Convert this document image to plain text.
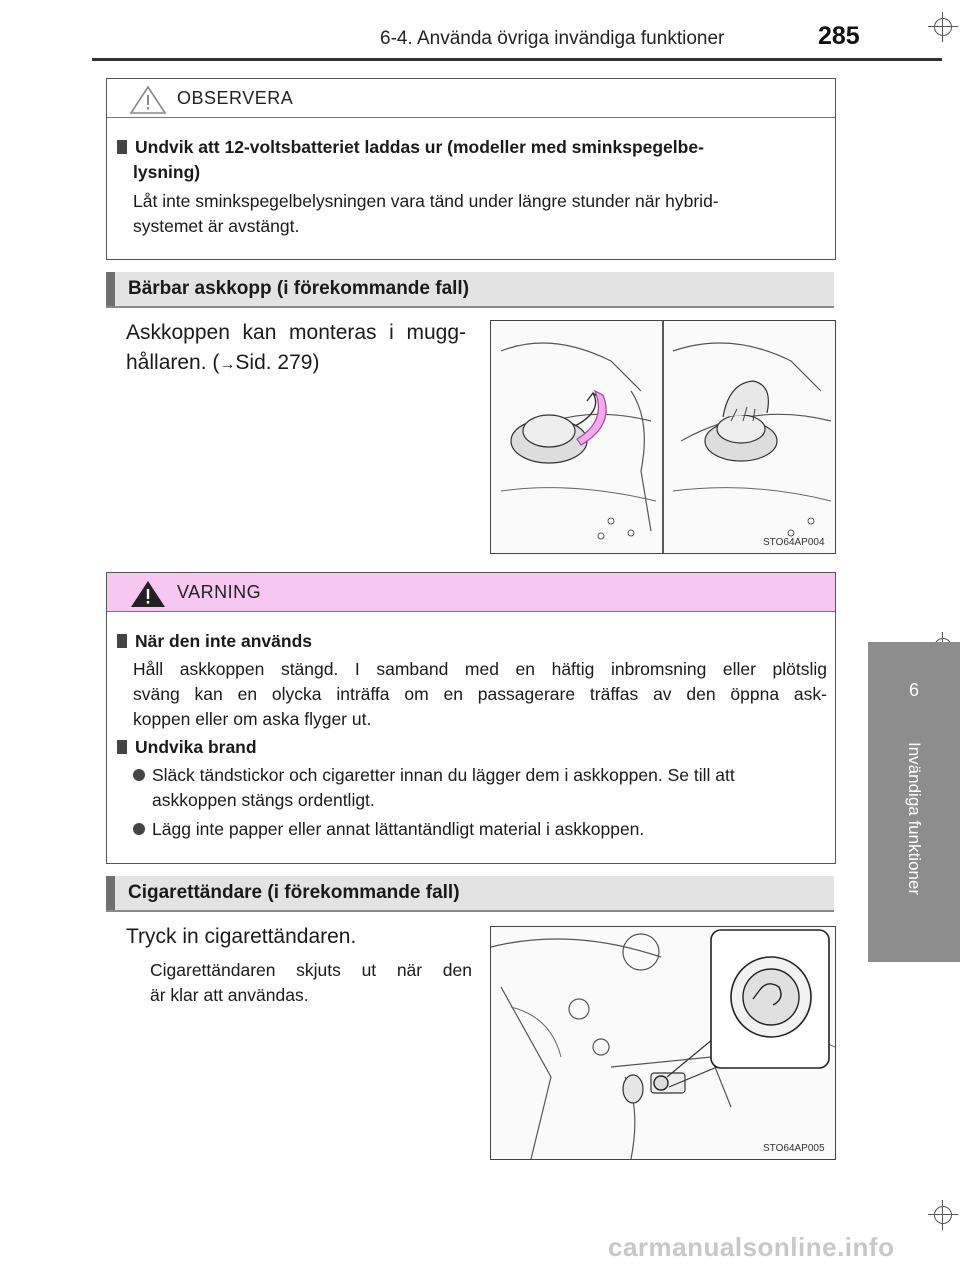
6-4. Använda övriga invändiga funktioner	285
6
Invändiga funktioner
OBSERVERA
Undvik att 12-voltsbatteriet laddas ur (modeller med sminkspegelbe-
lysning)
Låt inte sminkspegelbelysningen vara tänd under längre stunder när hybrid-
systemet är avstängt.
Bärbar askkopp (i förekommande fall)
Askkoppen kan monteras i mugg-
hållaren. (→Sid. 279)
STO64AP004
VARNING
När den inte används
Håll askkoppen stängd. I samband med en häftig inbromsning eller plötslig
sväng kan en olycka inträffa om en passagerare träffas av den öppna ask-
koppen eller om aska flyger ut.
Undvika brand
Släck tändstickor och cigaretter innan du lägger dem i askkoppen. Se till att
askkoppen stängs ordentligt.
Lägg inte papper eller annat lättantändligt material i askkoppen.
Cigarettändare (i förekommande fall)
Tryck in cigarettändaren.
Cigarettändaren skjuts ut när den
är klar att användas.
STO64AP005
carmanualsonline.info
